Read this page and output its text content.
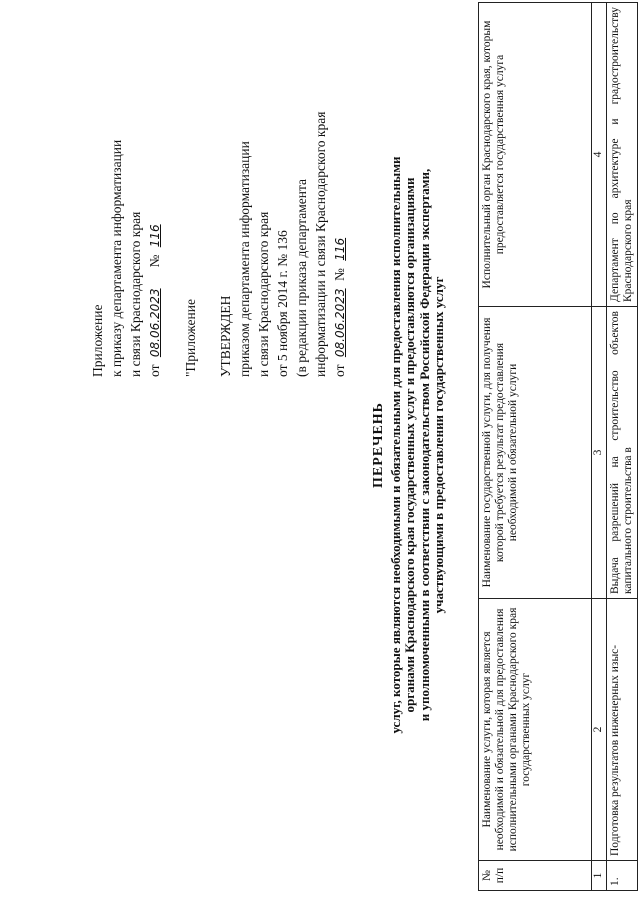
Приложение к приказу департамента информатизации и связи Краснодарского края от 08.06.2023     № 116
"Приложение УТВЕРЖДЕН приказом департамента информатизации и связи Краснодарского края от 5 ноября 2014 г. № 136 (в редакции приказа департамента информатизации и связи Краснодарского края от 08.06.2023 № 116
ПЕРЕЧЕНЬ услуг, которые являются необходимыми и обязательными для предоставления исполнительными органами Краснодарского края государственных услуг и предоставляются организациями и уполномоченными в соответствии с законодательством Российской Федерации экспертами, участвующими в предоставлении государственных услуг
№ п/п	Наименование услуги, которая является необходимой и обязательной для предоставления исполнительными органами Краснодарского края государственных услуг	Наименование государственной услуги, для получения которой требуется результат предоставления необходимой и обязательной услуги	Исполнительный орган Краснодарского края, которым предоставляется государственная услуга
1	2	3	4
1.	Подготовка результатов инженерных изыс-	Выдача разрешений на строительство объектов капитального строительства в	Департамент по архитектуре и градостроительству Краснодарского края
